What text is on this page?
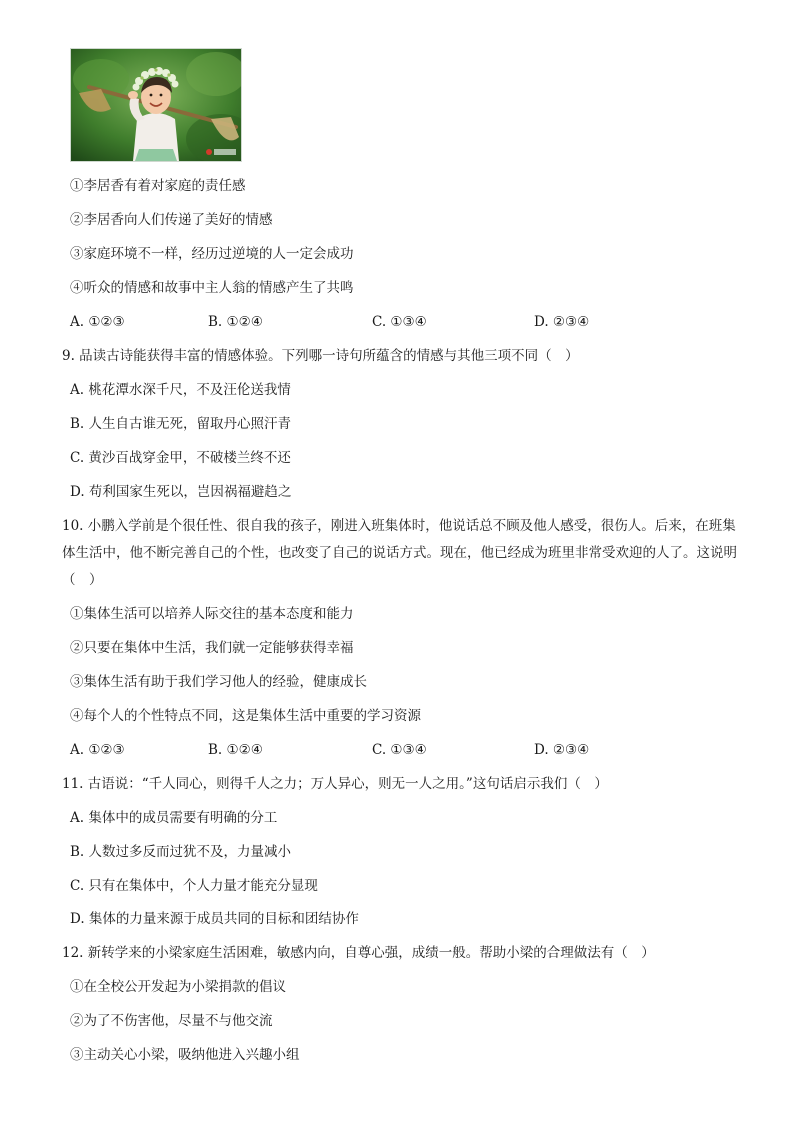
①李居香有着对家庭的责任感
②李居香向人们传递了美好的情感
③家庭环境不一样，经历过逆境的人一定会成功
④听众的情感和故事中主人翁的情感产生了共鸣
A. ①②③	B. ①②④	C. ①③④	D. ②③④
9. 品读古诗能获得丰富的情感体验。下列哪一诗句所蕴含的情感与其他三项不同（　）
A. 桃花潭水深千尺，不及汪伦送我情
B. 人生自古谁无死，留取丹心照汗青
C. 黄沙百战穿金甲，不破楼兰终不还
D. 苟利国家生死以，岂因祸福避趋之
10. 小鹏入学前是个很任性、很自我的孩子，刚进入班集体时，他说话总不顾及他人感受，很伤人。后来，在班集体生活中，他不断完善自己的个性，也改变了自己的说话方式。现在，他已经成为班里非常受欢迎的人了。这说明（　）
①集体生活可以培养人际交往的基本态度和能力
②只要在集体中生活，我们就一定能够获得幸福
③集体生活有助于我们学习他人的经验，健康成长
④每个人的个性特点不同，这是集体生活中重要的学习资源
A. ①②③	B. ①②④	C. ①③④	D. ②③④
11. 古语说：“千人同心，则得千人之力；万人异心，则无一人之用。”这句话启示我们（　）
A. 集体中的成员需要有明确的分工
B. 人数过多反而过犹不及，力量减小
C. 只有在集体中，个人力量才能充分显现
D. 集体的力量来源于成员共同的目标和团结协作
12. 新转学来的小梁家庭生活困难，敏感内向，自尊心强，成绩一般。帮助小梁的合理做法有（　）
①在全校公开发起为小梁捐款的倡议
②为了不伤害他，尽量不与他交流
③主动关心小梁，吸纳他进入兴趣小组
